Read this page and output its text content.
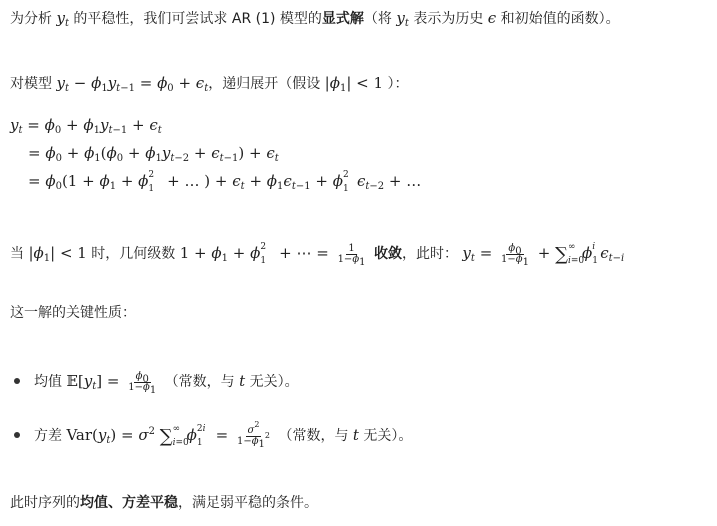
为分析 $y_t$ 的平稳性，我们可尝试求 AR (1) 模型的显式解（将 $y_t$ 表示为历史 ϵ 和初始值的函数）。
对模型 $y_t - \phi_1y_{t-1} = \phi_0 + \epsilon_t$，递归展开（假设 $|\phi_1| < 1$ ）：
$y_t = \phi_0 + \phi_1y_{t-1} + \epsilon_t$
= $\phi_0 + \phi_1(\phi_0 + \phi_1y_{t-2} + \epsilon_{t-1}) + \epsilon_t$
= $\phi_0(1 + \phi_1 + \phi$ 2
1 + … ) + $\epsilon_t + \phi_1\epsilon_{t-1} + \phi$ 2
1 $\epsilon_{t-2}$ + …
当 $|\phi_1| < 1$ 时，几何级数 $1 + \phi_1 + \phi$ 2
1 + ⋯ = $\frac{1}{1-\phi_1}$ 收敛，此时： $y_t = \frac{\phi_0}{1-\phi_1}$ + ∑ ∞
i=0
ϕ i
1 $\epsilon_{t-i}$
这一解的关键性质：
均值 $𝔼[y_t] = \frac{\phi_0}{1-\phi_1}$ （常数，与 t 无关）。
方差 $Var(y_t) = \sigma^2$ ∑ ∞
i=0
ϕ 2i
$1 = \frac{\sigma^2}{1-\phi_1^2}$ （常数，与 t 无关）。
此时序列的均值、方差平稳，满足弱平稳的条件。
